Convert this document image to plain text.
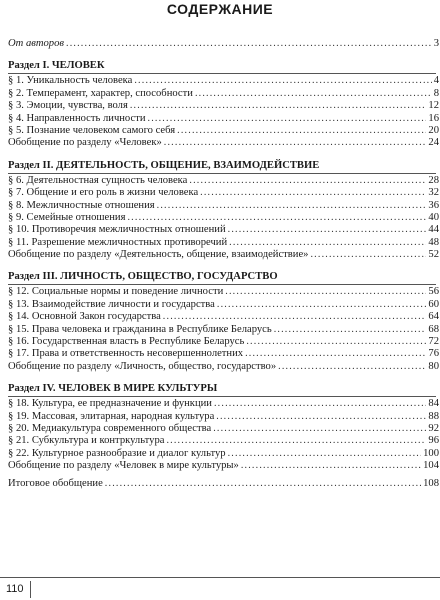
СОДЕРЖАНИЕ
От авторов .....	3
Раздел I. ЧЕЛОВЕК
§ 1. Уникальность человека .....	4
§ 2. Темперамент, характер, способности .....	8
§ 3. Эмоции, чувства, воля .....	12
§ 4. Направленность личности .....	16
§ 5. Познание человеком самого себя .....	20
Обобщение по разделу «Человек» .....	24
Раздел II. ДЕЯТЕЛЬНОСТЬ, ОБЩЕНИЕ, ВЗАИМОДЕЙСТВИЕ
§ 6. Деятельностная сущность человека .....	28
§ 7. Общение и его роль в жизни человека .....	32
§ 8. Межличностные отношения .....	36
§ 9. Семейные отношения .....	40
§ 10. Противоречия межличностных отношений .....	44
§ 11. Разрешение межличностных противоречий .....	48
Обобщение по разделу «Деятельность, общение, взаимодействие» .....	52
Раздел III. ЛИЧНОСТЬ, ОБЩЕСТВО, ГОСУДАРСТВО
§ 12. Социальные нормы и поведение личности .....	56
§ 13. Взаимодействие личности и государства .....	60
§ 14. Основной Закон государства .....	64
§ 15. Права человека и гражданина в Республике Беларусь .....	68
§ 16. Государственная власть в Республике Беларусь .....	72
§ 17. Права и ответственность несовершеннолетних .....	76
Обобщение по разделу «Личность, общество, государство» .....	80
Раздел IV. ЧЕЛОВЕК В МИРЕ КУЛЬТУРЫ
§ 18. Культура, ее предназначение и функции .....	84
§ 19. Массовая, элитарная, народная культура .....	88
§ 20. Медиакультура современного общества .....	92
§ 21. Субкультура и контркультура .....	96
§ 22. Культурное разнообразие и диалог культур .....	100
Обобщение по разделу «Человек в мире культуры» .....	104
Итоговое обобщение .....	108
110
